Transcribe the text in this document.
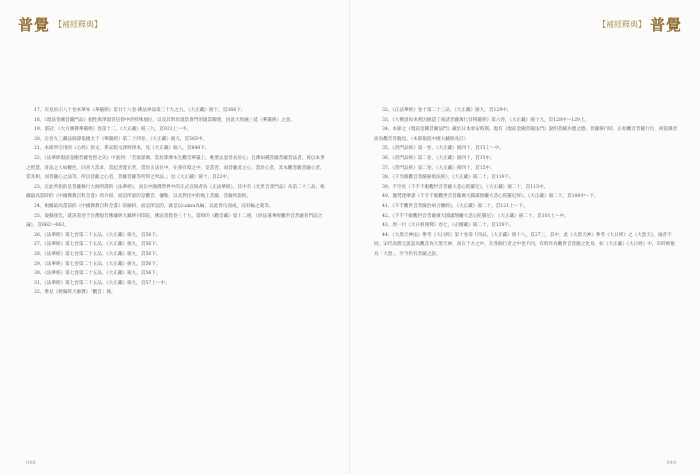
普覺 【補經釋典】

17、有見於卍八十卷本華本《華嚴經》第廿十八卷·佛法界品第三十九之九，《大正藏》冊十，頁366下。

18、《現前金剛菩薩門品》個性與淨現者信仰中的特殊地位，以及其對於現當會門的闊當關連，因此大致融三延《華嚴經》之意。

19、湛冠：《大方廣佛華嚴經》卷第十二，《大正藏》冊三九，頁923上〜中。

20、在卷九三藏法師譯依國尤于《華嚴經》第二十四卷，《大正藏》冊九，頁565中。

21、本節所引用的《心經》原文，系宋版文譯經律本，見《大正藏》冊八，頁848下。

22、《法華經現前金剛菩薩性智之功》中說到：「若欲深廣，當於那摩本生觀音華嚴上，唯要去惡善長於心；且佛如種菩薩菩薩菩法者，再以本世之智慧，普法之人如觀色，向善人當求，當起善覺正善，當於正法位中，在義有境之中，是當善，而菩薩者之心。當於心者，其本觀菩薩菩薩心者，當其相，而菩薩心之法等，所以菩薩之心者，菩薩菩薩等所得之所法。」見《大正藏》冊十，頁22中。

23、在此所指的是菩薩修行大師所譯的《法華經》，而在中國佛學界中的正式宣揚者為《正法華經》，其中有《光世音普門品》為第二十三品，根據最高當時的《中國佛教百科全書》的介紹，而這所說的是觀音、彌勒，以及對比中的地上菩薩、菩薩所說的。

24、根據最高當前的《中國佛教百科全書》的解析，而這所記的，就是以cakra為輪，以此善巧而成，而有輪之義等。

25、浚徹孫氏，就該書卷于台灣般若佛藏經大藏經刊印院，佛法普賢卷三十九，當時的《觀音藏》第十二冊，《妙法蓮華經觀世音菩薩普門品合論》，頁662〜663。

26、《法華經》第七卷第二十五品，《大正藏》冊九，頁56下。

27、《法華經》第七卷第二十五品，《大正藏》冊九，頁56下。

28、《法華經》第七卷第二十五品，《大正藏》冊九，頁56下。

29、《法華經》第七卷第二十五品，《大正藏》冊九，頁56下。

30、《法華經》第七卷第二十五品，《大正藏》冊九，頁56下。

31、《法華經》第七卷第二十五品，《大正藏》冊九，頁57上〜中。

32、參見《楞嚴經大師教》「觀音」條。

048
【補經釋典】 普覺

32、《正法華經》卷十第二十三品，《大正藏》冊九，頁129中。

33、《大佛頂如來密因修證了義諸菩薩萬行首楞嚴經》第六卷，《大正藏》冊十九，頁128中〜129上。

34、本節之《現前金剛菩薩法門》藏於日本承安時期，現有《現前金剛菩薩法門》說明菩薩功德之德。菩薩修行時，正如觀音菩薩行位，則依修習而為觀音菩薩也。（本節現依中國大藏經改訂）

35、《普門品經》第一卷，《大正藏》冊四十，頁15上〜中。

36、《普門品經》第二卷，《大正藏》冊四十，頁15中。

37、《普門品經》第二卷，《大正藏》冊四十，頁15中。

38、《千光眼觀音菩薩秘密法經》，《大正藏》冊二十，頁119下。

39、不空於《千手千眼觀世音菩薩大悲心陀羅尼》，《大正藏》冊二十，頁115中。

40、伽梵達摩譯《千手千眼觀世音菩薩廣大圓滿無礙大悲心陀羅尼經》，《大正藏》冊二十，頁106中〜下。

41、《千手觀世音菩薩治病合藥經》，《大正藏》冊二十，頁121上〜下。

42、《千手千眼觀世音菩薩廣大圓滿無礙大悲心陀羅尼》，《大正藏》冊二十，頁101上〜中。

43、唐一行《大日經義釋》卷七，《卍續藏》冊二十，頁129下。

44、《大黑天神法》參考《大日經》第十卷第十四品，《大正藏》冊十八，頁27三，其中，此《大黑天神》參考《大日經》之《大黑天》，兩者不同。宋代高僧之說認為觀音為大黑天神，而在十方之中，在各個行者之中也不同，有時作為觀世音菩薩之化身。如《大正藏》《大日經》中，有時被視為「大黑」，至今仍有菩薩之說。

049
